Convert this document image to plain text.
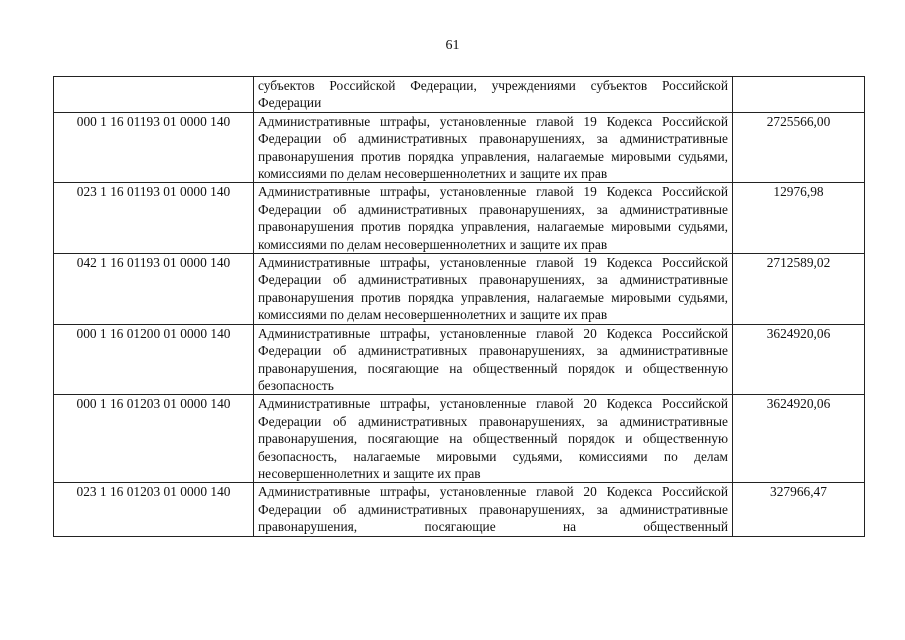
61
	субъектов Российской Федерации, учреждениями субъектов Российской Федерации	
000 1 16 01193 01 0000 140	Административные штрафы, установленные главой 19 Кодекса Российской Федерации об административных правонарушениях, за административные правонарушения против порядка управления, налагаемые мировыми судьями, комиссиями по делам несовершеннолетних и защите их прав	2725566,00
023 1 16 01193 01 0000 140	Административные штрафы, установленные главой 19 Кодекса Российской Федерации об административных правонарушениях, за административные правонарушения против порядка управления, налагаемые мировыми судьями, комиссиями по делам несовершеннолетних и защите их прав	12976,98
042 1 16 01193 01 0000 140	Административные штрафы, установленные главой 19 Кодекса Российской Федерации об административных правонарушениях, за административные правонарушения против порядка управления, налагаемые мировыми судьями, комиссиями по делам несовершеннолетних и защите их прав	2712589,02
000 1 16 01200 01 0000 140	Административные штрафы, установленные главой 20 Кодекса Российской Федерации об административных правонарушениях, за административные правонарушения, посягающие на общественный порядок и общественную безопасность	3624920,06
000 1 16 01203 01 0000 140	Административные штрафы, установленные главой 20 Кодекса Российской Федерации об административных правонарушениях, за административные правонарушения, посягающие на общественный порядок и общественную безопасность, налагаемые мировыми судьями, комиссиями по делам несовершеннолетних и защите их прав	3624920,06
023 1 16 01203 01 0000 140	Административные штрафы, установленные главой 20 Кодекса Российской Федерации об административных правонарушениях, за административные правонарушения, посягающие на общественный	327966,47
